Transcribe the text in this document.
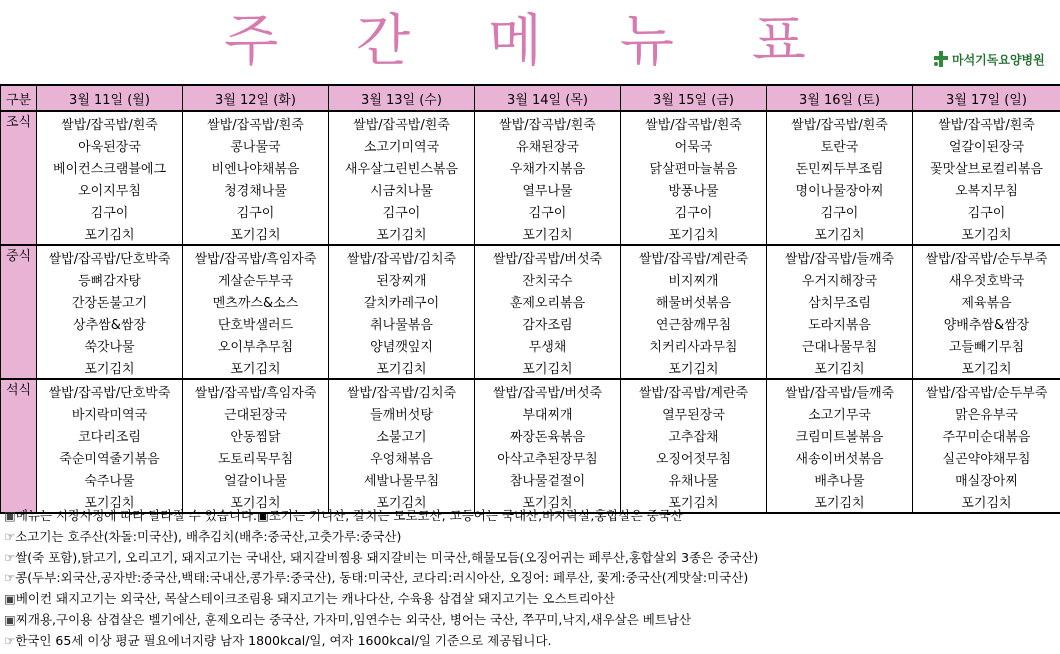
주 간 메 뉴 표	마석기독요양병원
구분	3월 11일 (월)	3월 12일 (화)	3월 13일 (수)	3월 14일 (목)	3월 15일 (금)	3월 16일 (토)	3월 17일 (일)
조식	쌀밥/잡곡밥/흰죽	쌀밥/잡곡밥/흰죽	쌀밥/잡곡밥/흰죽	쌀밥/잡곡밥/흰죽	쌀밥/잡곡밥/흰죽	쌀밥/잡곡밥/흰죽	쌀밥/잡곡밥/흰죽
	아욱된장국	콩나물국	소고기미역국	유채된장국	어묵국	토란국	얼갈이된장국
	베이컨스크램블에그	비엔나야채볶음	새우살그린빈스볶음	우채가지볶음	닭살편마늘볶음	돈민찌두부조림	꽃맛살브로컬리볶음
	오이지무침	청경채나물	시금치나물	열무나물	방풍나물	명이나물장아찌	오복지무침
	김구이	김구이	김구이	김구이	김구이	김구이	김구이
	포기김치	포기김치	포기김치	포기김치	포기김치	포기김치	포기김치
중식	쌀밥/잡곡밥/단호박죽	쌀밥/잡곡밥/흑임자죽	쌀밥/잡곡밥/김치죽	쌀밥/잡곡밥/버섯죽	쌀밥/잡곡밥/계란죽	쌀밥/잡곡밥/들깨죽	쌀밥/잡곡밥/순두부죽
	등뼈감자탕	게살순두부국	된장찌개	잔치국수	비지찌개	우거지해장국	새우젓호박국
	간장돈불고기	멘츠까스&소스	갈치카레구이	훈제오리볶음	해물버섯볶음	삼치무조림	제육볶음
	상추쌈&쌈장	단호박샐러드	취나물볶음	감자조림	연근참깨무침	도라지볶음	양배추쌈&쌈장
	쑥갓나물	오이부추무침	양념깻잎지	무생채	치커리사과무침	근대나물무침	고들빼기무침
	포기김치	포기김치	포기김치	포기김치	포기김치	포기김치	포기김치
석식	쌀밥/잡곡밥/단호박죽	쌀밥/잡곡밥/흑임자죽	쌀밥/잡곡밥/김치죽	쌀밥/잡곡밥/버섯죽	쌀밥/잡곡밥/계란죽	쌀밥/잡곡밥/들깨죽	쌀밥/잡곡밥/순두부죽
	바지락미역국	근대된장국	들깨버섯탕	부대찌개	열무된장국	소고기무국	맑은유부국
	코다리조림	안동찜닭	소불고기	짜장돈육볶음	고추잡채	크림미트볼볶음	주꾸미순대볶음
	죽순미역줄기볶음	도토리묵무침	우엉채볶음	아삭고추된장무침	오징어젓무침	새송이버섯볶음	실곤약야채무침
	숙주나물	얼갈이나물	세발나물무침	참나물겉절이	유채나물	배추나물	매실장아찌
	포기김치	포기김치	포기김치	포기김치	포기김치	포기김치	포기김치
▣메뉴는 시장사정에 따라 달라질 수 있습니다.▣조기는 기니산, 갈치는 모로코산, 고등어는 국내산,바지락살,홍합살은 중국산
☞소고기는 호주산(차돌:미국산), 배추김치(배추:중국산,고춧가루:중국산)
☞쌀(죽 포함),닭고기, 오리고기, 돼지고기는 국내산, 돼지갈비찜용 돼지갈비는 미국산,해물모듬(오징어귀는 페루산,홍합살외 3종은 중국산)
☞콩(두부:외국산,공자반:중국산,백태:국내산,콩가루:중국산), 동태:미국산, 코다리:러시아산, 오징어: 페루산, 꽃게:중국산(게맛살:미국산)
▣베이컨 돼지고기는 외국산, 목살스테이크조림용 돼지고기는 캐나다산, 수육용 삼겹살 돼지고기는 오스트리아산
▣찌개용,구이용 삼겹살은 벨기에산, 훈제오리는 중국산, 가자미,임연수는 외국산, 병어는 국산, 쭈꾸미,낙지,새우살은 베트남산
☞한국인 65세 이상 평균 필요에너지량 남자 1800kcal/일, 여자 1600kcal/일 기준으로 제공됩니다.
